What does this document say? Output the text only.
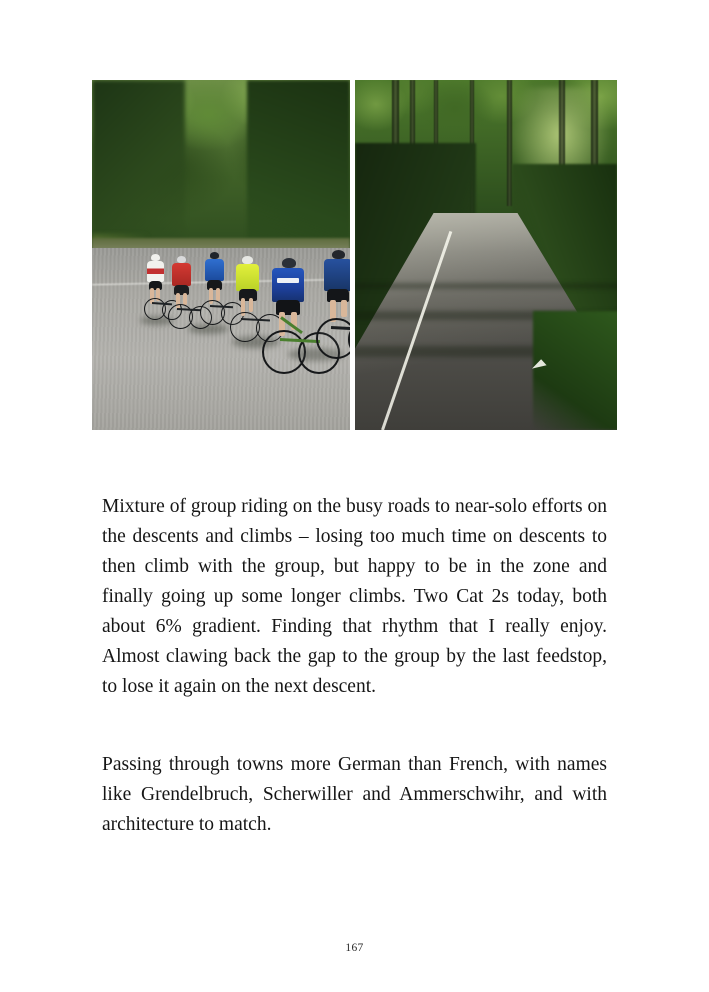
Mixture of group riding on the busy roads to near-solo efforts on the descents and climbs – losing too much time on descents to then climb with the group, but happy to be in the zone and finally going up some longer climbs. Two Cat 2s today, both about 6% gradient. Finding that rhythm that I really enjoy. Almost clawing back the gap to the group by the last feedstop, to lose it again on the next descent.

Passing through towns more German than French, with names like Grendelbruch, Scherwiller and Ammerschwihr, and with architecture to match.

167
